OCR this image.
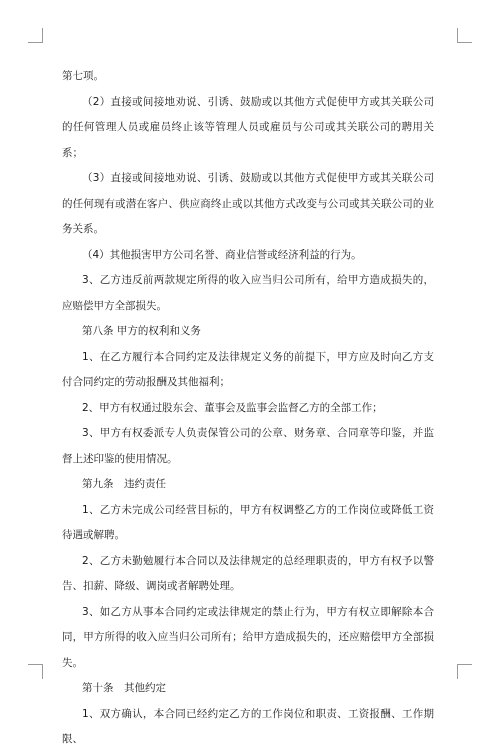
第七项。

（2）直接或间接地劝说、引诱、鼓励或以其他方式促使甲方或其关联公司的任何管理人员或雇员终止该等管理人员或雇员与公司或其关联公司的聘用关系；

（3）直接或间接地劝说、引诱、鼓励或以其他方式促使甲方或其关联公司的任何现有或潜在客户、供应商终止或以其他方式改变与公司或其关联公司的业务关系。

（4）其他损害甲方公司名誉、商业信誉或经济利益的行为。

3、乙方违反前两款规定所得的收入应当归公司所有，给甲方造成损失的，应赔偿甲方全部损失。

第八条 甲方的权利和义务

1、在乙方履行本合同约定及法律规定义务的前提下，甲方应及时向乙方支付合同约定的劳动报酬及其他福利；

2、甲方有权通过股东会、董事会及监事会监督乙方的全部工作；

3、甲方有权委派专人负责保管公司的公章、财务章、合同章等印鉴，并监督上述印鉴的使用情况。

第九条　违约责任

1、乙方未完成公司经营目标的，甲方有权调整乙方的工作岗位或降低工资待遇或解聘。

2、乙方未勤勉履行本合同以及法律规定的总经理职责的，甲方有权予以警告、扣薪、降级、调岗或者解聘处理。

3、如乙方从事本合同约定或法律规定的禁止行为，甲方有权立即解除本合同，甲方所得的收入应当归公司所有；给甲方造成损失的，还应赔偿甲方全部损失。

第十条　其他约定

1、双方确认，本合同已经约定乙方的工作岗位和职责、工资报酬、工作期限、
